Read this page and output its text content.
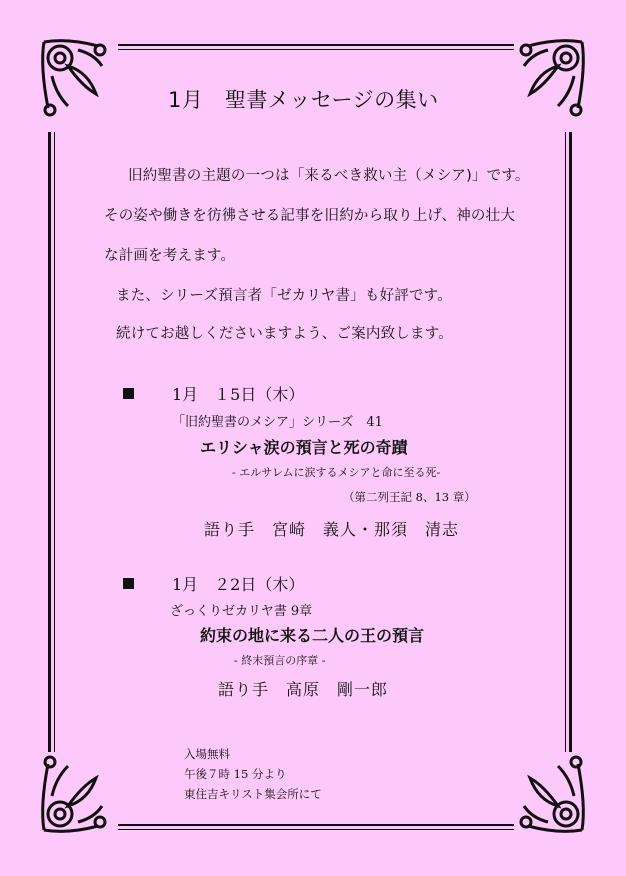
1月　聖書メッセージの集い
旧約聖書の主題の一つは「来るべき救い主（メシア)」です。
その姿や働きを彷彿させる記事を旧約から取り上げ、神の壮大
な計画を考えます。
また、シリーズ預言者「ゼカリヤ書」も好評です。
続けてお越しくださいますよう、ご案内致します。
1月　１5日（木）
「旧約聖書のメシア」シリーズ　41
エリシャ涙の預言と死の奇蹟
- エルサレムに涙するメシアと命に至る死-
（第二列王記 8、13 章）
語り手　宮崎　義人・那須　清志
1月　２2日（木）
ざっくりゼカリヤ書 9章
約束の地に来る二人の王の預言
- 終末預言の序章 -
語り手　高原　剛一郎
入場無料
午後７時 15 分より
東住吉キリスト集会所にて
